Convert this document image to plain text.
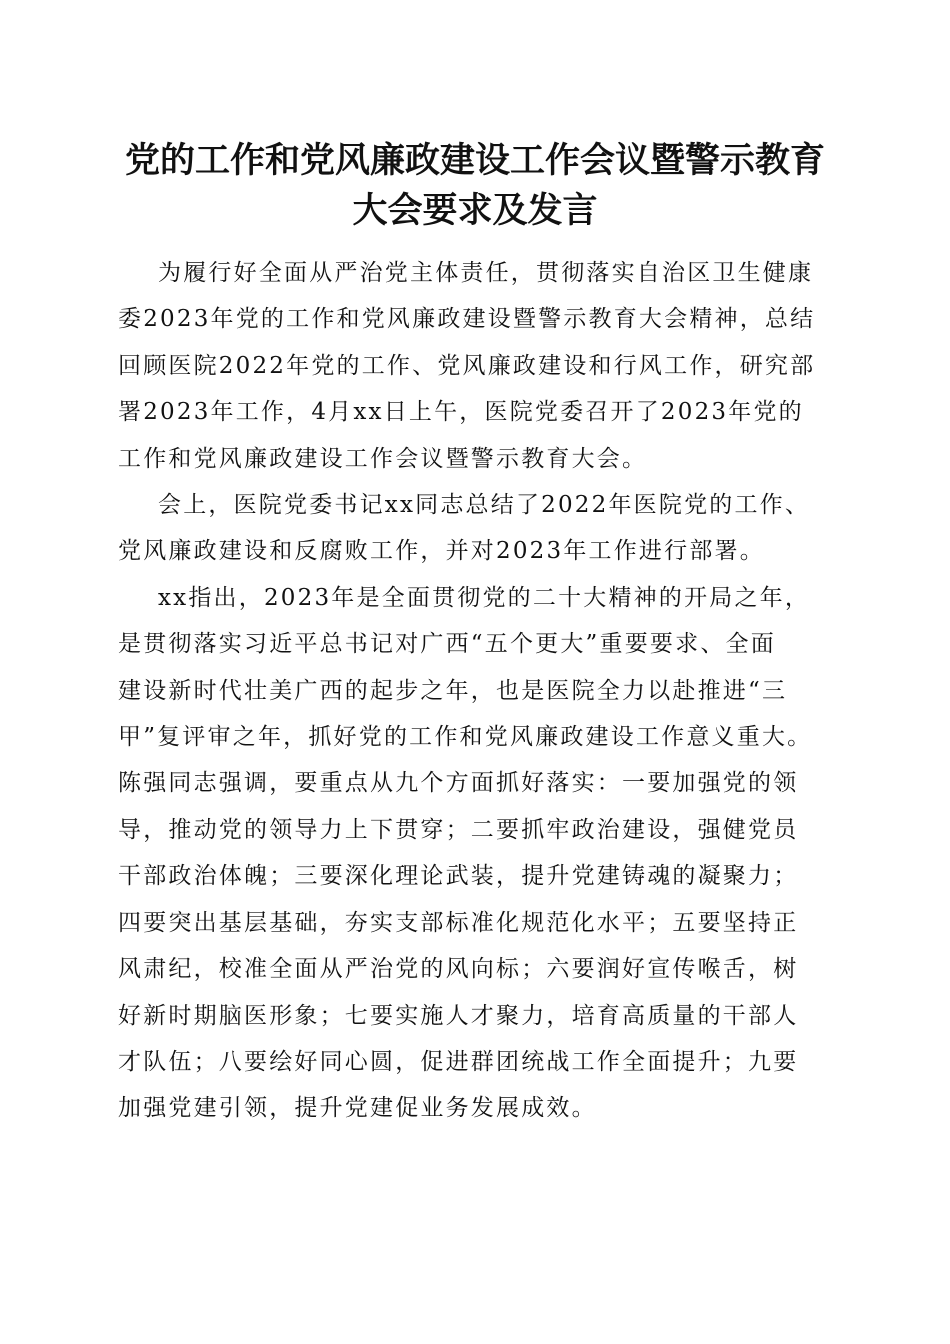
党的工作和党风廉政建设工作会议暨警示教育
大会要求及发言

为履行好全面从严治党主体责任，贯彻落实自治区卫生健康
委2023年党的工作和党风廉政建设暨警示教育大会精神，总结
回顾医院2022年党的工作、党风廉政建设和行风工作，研究部
署2023年工作，4月xx日上午，医院党委召开了2023年党的
工作和党风廉政建设工作会议暨警示教育大会。

会上，医院党委书记xx同志总结了2022年医院党的工作、
党风廉政建设和反腐败工作，并对2023年工作进行部署。

xx指出，2023年是全面贯彻党的二十大精神的开局之年，
是贯彻落实习近平总书记对广西“五个更大”重要要求、全面
建设新时代壮美广西的起步之年，也是医院全力以赴推进“三
甲”复评审之年，抓好党的工作和党风廉政建设工作意义重大。
陈强同志强调，要重点从九个方面抓好落实：一要加强党的领
导，推动党的领导力上下贯穿；二要抓牢政治建设，强健党员
干部政治体魄；三要深化理论武装，提升党建铸魂的凝聚力；
四要突出基层基础，夯实支部标准化规范化水平；五要坚持正
风肃纪，校准全面从严治党的风向标；六要润好宣传喉舌，树
好新时期脑医形象；七要实施人才聚力，培育高质量的干部人
才队伍；八要绘好同心圆，促进群团统战工作全面提升；九要
加强党建引领，提升党建促业务发展成效。
